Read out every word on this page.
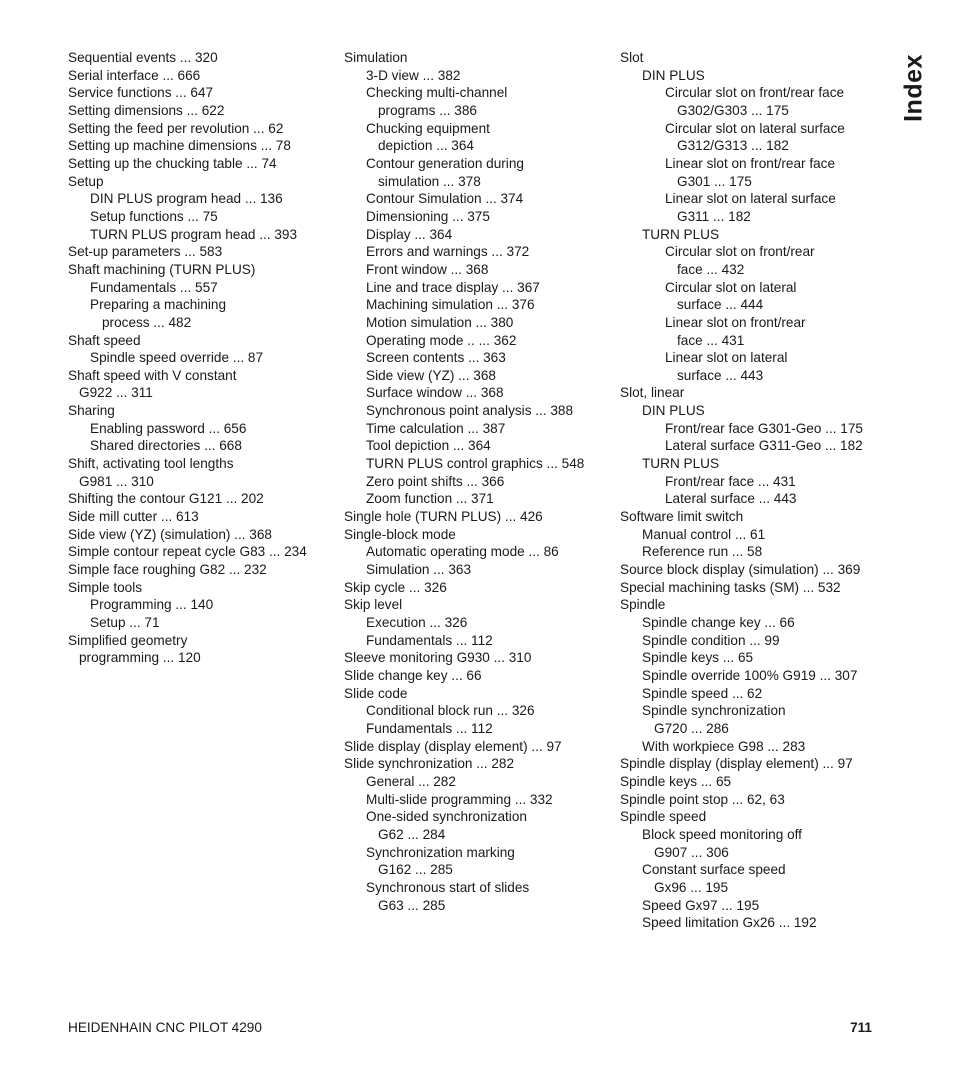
Sequential events ... 320
Serial interface ... 666
Service functions ... 647
Setting dimensions ... 622
Setting the feed per revolution ... 62
Setting up machine dimensions ... 78
Setting up the chucking table ... 74
Setup
DIN PLUS program head ... 136
Setup functions ... 75
TURN PLUS program head ... 393
Set-up parameters ... 583
Shaft machining (TURN PLUS)
Fundamentals ... 557
Preparing a machining
process ... 482
Shaft speed
Spindle speed override ... 87
Shaft speed with V constant
G922 ... 311
Sharing
Enabling password ... 656
Shared directories ... 668
Shift, activating tool lengths
G981 ... 310
Shifting the contour G121 ... 202
Side mill cutter ... 613
Side view (YZ) (simulation) ... 368
Simple contour repeat cycle G83 ... 234
Simple face roughing G82 ... 232
Simple tools
Programming ... 140
Setup ... 71
Simplified geometry
programming ... 120
Simulation
3-D view ... 382
Checking multi-channel
programs ... 386
Chucking equipment
depiction ... 364
Contour generation during
simulation ... 378
Contour Simulation ... 374
Dimensioning ... 375
Display ... 364
Errors and warnings ... 372
Front window ... 368
Line and trace display ... 367
Machining simulation ... 376
Motion simulation ... 380
Operating mode .. ... 362
Screen contents ... 363
Side view (YZ) ... 368
Surface window ... 368
Synchronous point analysis ... 388
Time calculation ... 387
Tool depiction ... 364
TURN PLUS control graphics ... 548
Zero point shifts ... 366
Zoom function ... 371
Single hole (TURN PLUS) ... 426
Single-block mode
Automatic operating mode ... 86
Simulation ... 363
Skip cycle ... 326
Skip level
Execution ... 326
Fundamentals ... 112
Sleeve monitoring G930 ... 310
Slide change key ... 66
Slide code
Conditional block run ... 326
Fundamentals ... 112
Slide display (display element) ... 97
Slide synchronization ... 282
General ... 282
Multi-slide programming ... 332
One-sided synchronization
G62 ... 284
Synchronization marking
G162 ... 285
Synchronous start of slides
G63 ... 285
Slot
DIN PLUS
Circular slot on front/rear face
G302/G303 ... 175
Circular slot on lateral surface
G312/G313 ... 182
Linear slot on front/rear face
G301 ... 175
Linear slot on lateral surface
G311 ... 182
TURN PLUS
Circular slot on front/rear
face ... 432
Circular slot on lateral
surface ... 444
Linear slot on front/rear
face ... 431
Linear slot on lateral
surface ... 443
Slot, linear
DIN PLUS
Front/rear face G301-Geo ... 175
Lateral surface G311-Geo ... 182
TURN PLUS
Front/rear face ... 431
Lateral surface ... 443
Software limit switch
Manual control ... 61
Reference run ... 58
Source block display (simulation) ... 369
Special machining tasks (SM) ... 532
Spindle
Spindle change key ... 66
Spindle condition ... 99
Spindle keys ... 65
Spindle override 100% G919 ... 307
Spindle speed ... 62
Spindle synchronization
G720 ... 286
With workpiece G98 ... 283
Spindle display (display element) ... 97
Spindle keys ... 65
Spindle point stop ... 62, 63
Spindle speed
Block speed monitoring off
G907 ... 306
Constant surface speed
Gx96 ... 195
Speed Gx97 ... 195
Speed limitation Gx26 ... 192
Index
HEIDENHAIN CNC PILOT 4290	711
